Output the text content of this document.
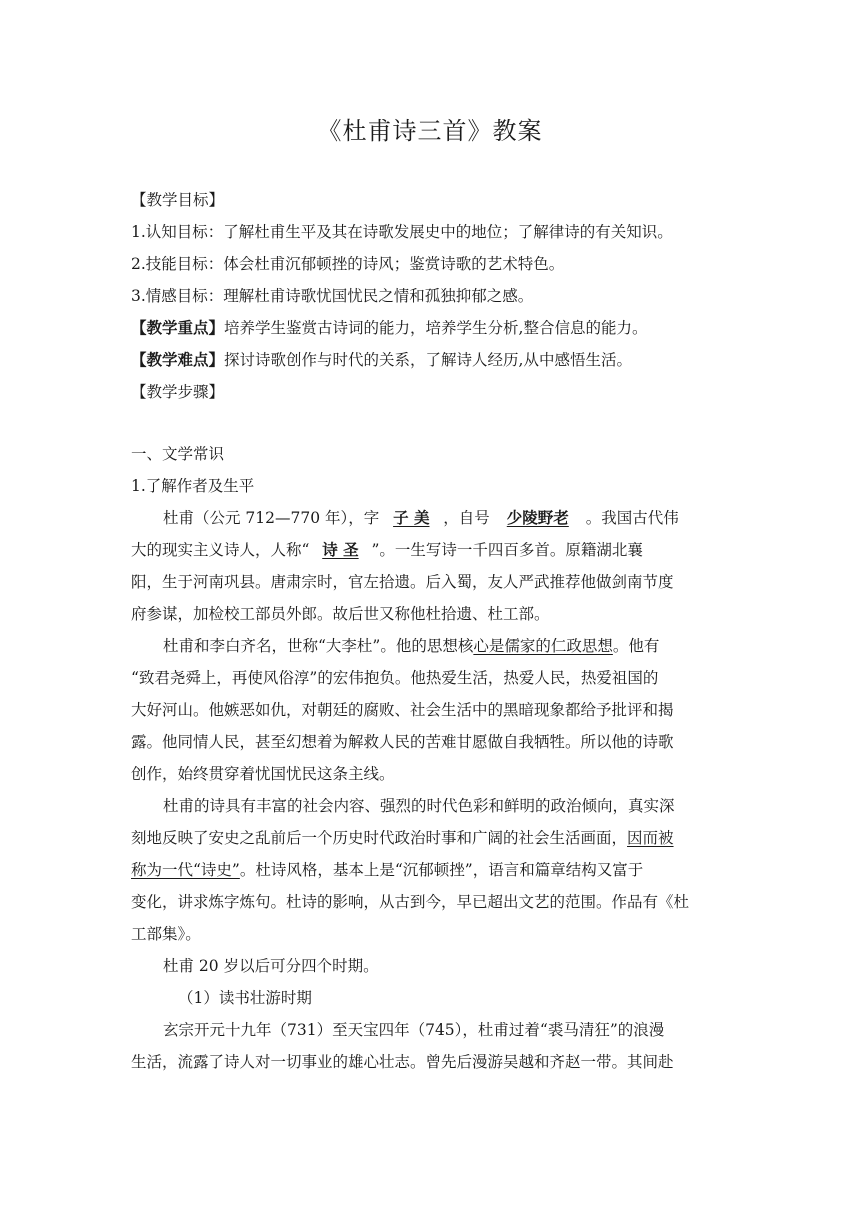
《杜甫诗三首》教案
【教学目标】
1.认知目标：了解杜甫生平及其在诗歌发展史中的地位；了解律诗的有关知识。
2.技能目标：体会杜甫沉郁顿挫的诗风；鉴赏诗歌的艺术特色。
3.情感目标：理解杜甫诗歌忧国忧民之情和孤独抑郁之感。
【教学重点】培养学生鉴赏古诗词的能力，培养学生分析,整合信息的能力。
【教学难点】探讨诗歌创作与时代的关系，了解诗人经历,从中感悟生活。
【教学步骤】
一、文学常识
1.了解作者及生平
杜甫（公元 712—770 年），字 子 美 ，自号 少陵野老 。我国古代伟
大的现实主义诗人，人称“ 诗 圣 ”。一生写诗一千四百多首。原籍湖北襄
阳，生于河南巩县。唐肃宗时，官左拾遗。后入蜀，友人严武推荐他做剑南节度
府参谋，加检校工部员外郎。故后世又称他杜拾遗、杜工部。
杜甫和李白齐名，世称“大李杜”。他的思想核心是儒家的仁政思想。他有
“致君尧舜上，再使风俗淳”的宏伟抱负。他热爱生活，热爱人民，热爱祖国的
大好河山。他嫉恶如仇，对朝廷的腐败、社会生活中的黑暗现象都给予批评和揭
露。他同情人民，甚至幻想着为解救人民的苦难甘愿做自我牺牲。所以他的诗歌
创作，始终贯穿着忧国忧民这条主线。
杜甫的诗具有丰富的社会内容、强烈的时代色彩和鲜明的政治倾向，真实深
刻地反映了安史之乱前后一个历史时代政治时事和广阔的社会生活画面，因而被
称为一代“诗史”。杜诗风格，基本上是“沉郁顿挫”，语言和篇章结构又富于
变化，讲求炼字炼句。杜诗的影响，从古到今，早已超出文艺的范围。作品有《杜
工部集》。
杜甫 20 岁以后可分四个时期。
（1）读书壮游时期
玄宗开元十九年（731）至天宝四年（745），杜甫过着“裘马清狂”的浪漫
生活，流露了诗人对一切事业的雄心壮志。曾先后漫游吴越和齐赵一带。其间赴
